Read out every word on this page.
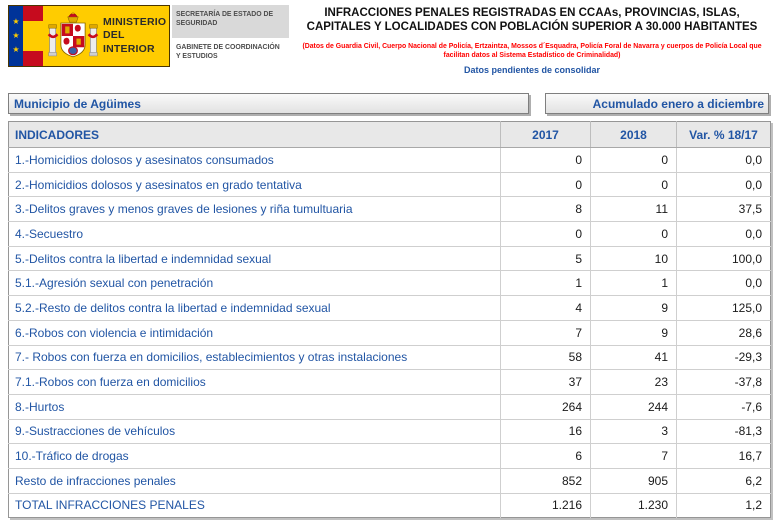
★
★
★
MINISTERIO
DEL INTERIOR
SECRETARÍA DE ESTADO DE SEGURIDAD
GABINETE DE COORDINACIÓN Y ESTUDIOS
INFRACCIONES PENALES REGISTRADAS EN CCAAs, PROVINCIAS, ISLAS, CAPITALES Y LOCALIDADES CON POBLACIÓN SUPERIOR A 30.000 HABITANTES
(Datos de Guardia Civil, Cuerpo Nacional de Policía, Ertzaintza, Mossos d´Esquadra, Policía Foral de Navarra y cuerpos de Policía Local que facilitan datos al Sistema Estadístico de Criminalidad)
Datos pendientes de consolidar
Municipio de Agüimes	Acumulado enero a diciembre
INDICADORES	2017	2018	Var. % 18/17
1.-Homicidios dolosos y asesinatos consumados	0	0	0,0
2.-Homicidios dolosos y asesinatos en grado tentativa	0	0	0,0
3.-Delitos graves y menos graves de lesiones y riña tumultuaria	8	11	37,5
4.-Secuestro	0	0	0,0
5.-Delitos contra la libertad e indemnidad sexual	5	10	100,0
5.1.-Agresión sexual con penetración	1	1	0,0
5.2.-Resto de delitos contra la libertad e indemnidad sexual	4	9	125,0
6.-Robos con violencia e intimidación	7	9	28,6
7.- Robos con fuerza en domicilios, establecimientos y otras instalaciones	58	41	-29,3
7.1.-Robos con fuerza en domicilios	37	23	-37,8
8.-Hurtos	264	244	-7,6
9.-Sustracciones de vehículos	16	3	-81,3
10.-Tráfico de drogas	6	7	16,7
Resto de infracciones penales	852	905	6,2
TOTAL INFRACCIONES PENALES	1.216	1.230	1,2
